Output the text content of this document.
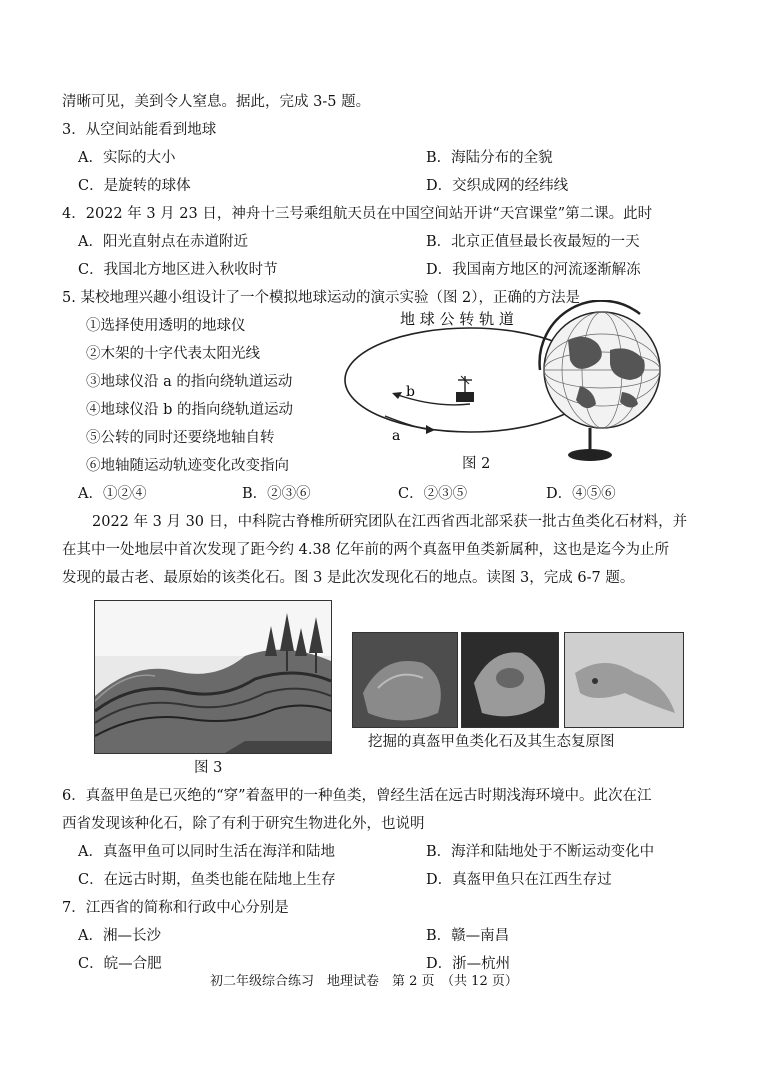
清晰可见，美到令人窒息。据此，完成 3-5 题。
3．从空间站能看到地球
A．实际的大小	B．海陆分布的全貌
C．是旋转的球体	D．交织成网的经纬线
4．2022 年 3 月 23 日，神舟十三号乘组航天员在中国空间站开讲“天宫课堂”第二课。此时
A．阳光直射点在赤道附近	B．北京正值昼最长夜最短的一天
C．我国北方地区进入秋收时节	D．我国南方地区的河流逐渐解冻
5. 某校地理兴趣小组设计了一个模拟地球运动的演示实验（图 2），正确的方法是
①选择使用透明的地球仪
②木架的十字代表太阳光线
③地球仪沿 a 的指向绕轨道运动
④地球仪沿 b 的指向绕轨道运动
⑤公转的同时还要绕地轴自转
⑥地轴随运动轨迹变化改变指向
地 球 公 转 轨 道
b
a
图 2
A．①②④	B．②③⑥	C．②③⑤	D．④⑤⑥
2022 年 3 月 30 日，中科院古脊椎所研究团队在江西省西北部采获一批古鱼类化石材料，并
在其中一处地层中首次发现了距今约 4.38 亿年前的两个真盔甲鱼类新属种，这也是迄今为止所
发现的最古老、最原始的该类化石。图 3 是此次发现化石的地点。读图 3，完成 6-7 题。
图 3
挖掘的真盔甲鱼类化石及其生态复原图
6．真盔甲鱼是已灭绝的“穿”着盔甲的一种鱼类，曾经生活在远古时期浅海环境中。此次在江
西省发现该种化石，除了有利于研究生物进化外，也说明
A．真盔甲鱼可以同时生活在海洋和陆地	B．海洋和陆地处于不断运动变化中
C．在远古时期，鱼类也能在陆地上生存	D．真盔甲鱼只在江西生存过
7．江西省的简称和行政中心分别是
A．湘—长沙	B．赣—南昌
C．皖—合肥	D．浙—杭州
初二年级综合练习　地理试卷　第 2 页　（共 12 页）
